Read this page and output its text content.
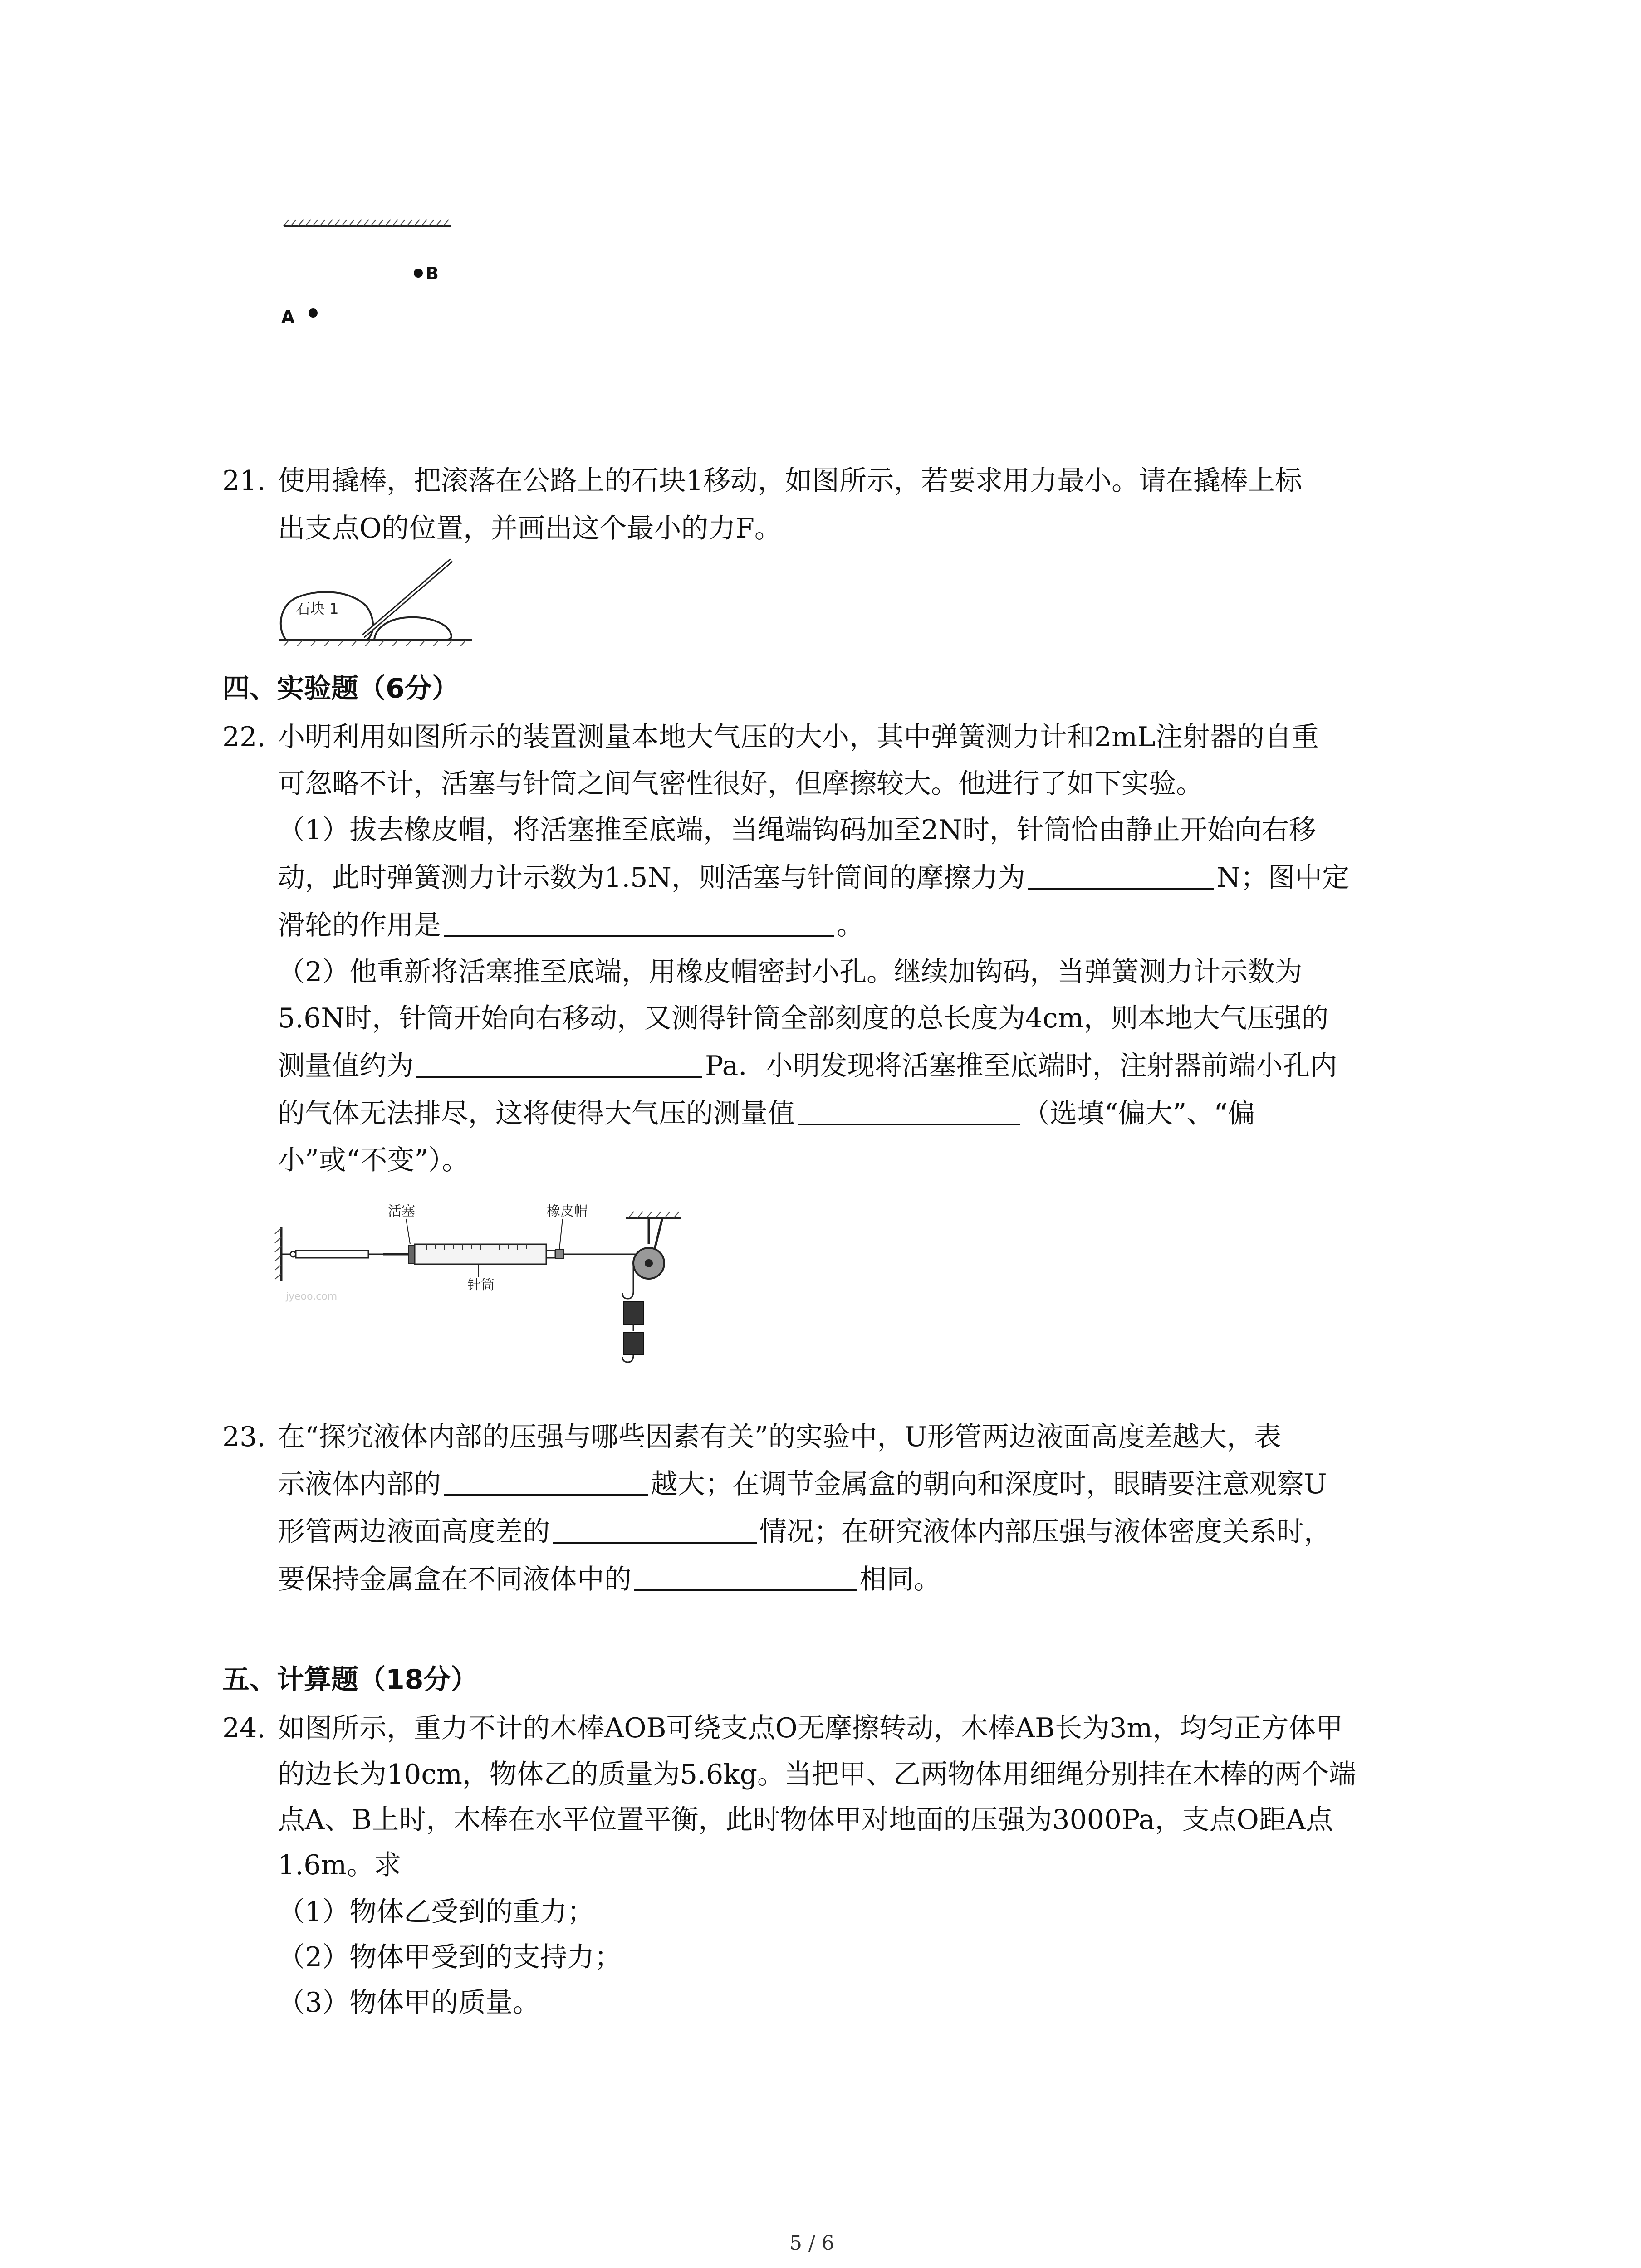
B
A
21. 使用撬棒，把滚落在公路上的石块1移动，如图所示，若要求用力最小。请在撬棒上标
出支点O的位置，并画出这个最小的力F。
石块 1
四、实验题（6分）
22. 小明利用如图所示的装置测量本地大气压的大小，其中弹簧测力计和2mL注射器的自重
可忽略不计，活塞与针筒之间气密性很好，但摩擦较大。他进行了如下实验。
（1）拔去橡皮帽，将活塞推至底端，当绳端钩码加至2N时，针筒恰由静止开始向右移
动，此时弹簧测力计示数为1.5N，则活塞与针筒间的摩擦力为	N；图中定
滑轮的作用是	。
（2）他重新将活塞推至底端，用橡皮帽密封小孔。继续加钩码，当弹簧测力计示数为
5.6N时，针筒开始向右移动，又测得针筒全部刻度的总长度为4cm，则本地大气压强的
测量值约为	Pa．小明发现将活塞推至底端时，注射器前端小孔内
的气体无法排尽，这将使得大气压的测量值	（选填“偏大”、“偏
小”或“不变”）。
活塞	橡皮帽
针筒
jyeoo.com
23. 在“探究液体内部的压强与哪些因素有关”的实验中，U形管两边液面高度差越大，表
示液体内部的	越大；在调节金属盒的朝向和深度时，眼睛要注意观察U
形管两边液面高度差的	情况；在研究液体内部压强与液体密度关系时，
要保持金属盒在不同液体中的	相同。
五、计算题（18分）
24. 如图所示，重力不计的木棒AOB可绕支点O无摩擦转动，木棒AB长为3m，均匀正方体甲
的边长为10cm，物体乙的质量为5.6kg。当把甲、乙两物体用细绳分别挂在木棒的两个端
点A、B上时，木棒在水平位置平衡，此时物体甲对地面的压强为3000Pa，支点O距A点
1.6m。求
（1）物体乙受到的重力；
（2）物体甲受到的支持力；
（3）物体甲的质量。
5 / 6
